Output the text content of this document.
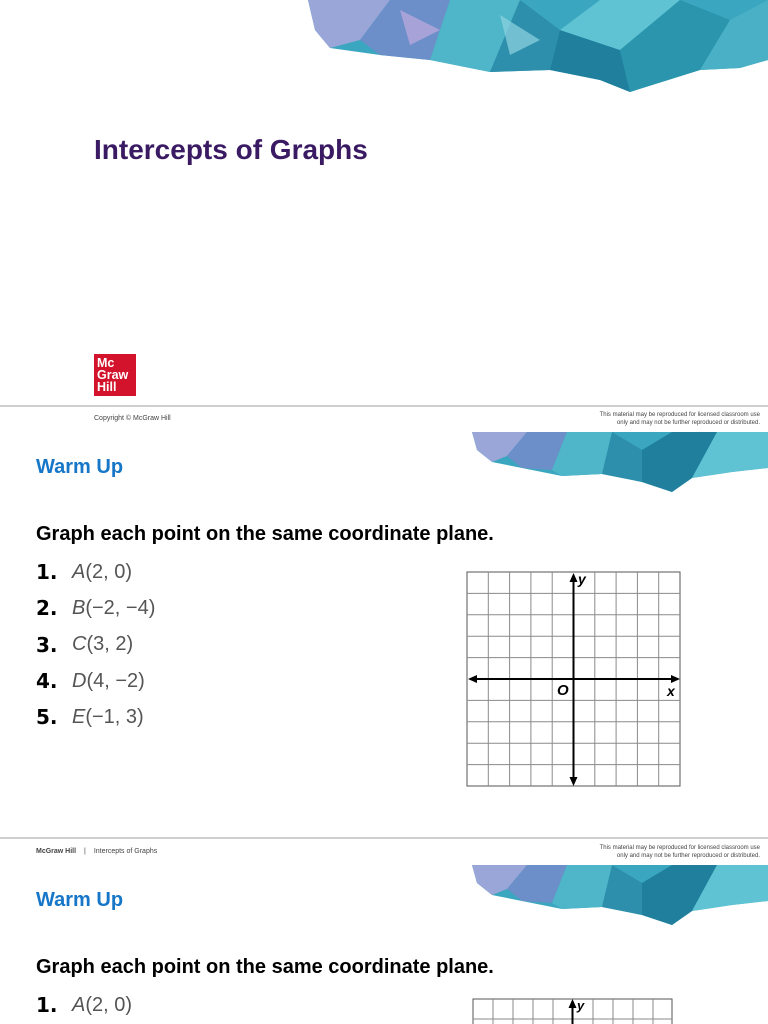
Intercepts of Graphs
Mc
Graw
Hill
Copyright © McGraw Hill	This material may be reproduced for licensed classroom use
only and may not be further reproduced or distributed.
Warm Up

Graph each point on the same coordinate plane.

1. A (2, 0)
2. B (−2, −4)
3. C (3, 2)
4. D (4, −2)
5. E (−1, 3)
y
x
O
McGraw Hill | Intercepts of Graphs	This material may be reproduced for licensed classroom use
only and may not be further reproduced or distributed.
Warm Up

Graph each point on the same coordinate plane.

1. A (2, 0)	y
